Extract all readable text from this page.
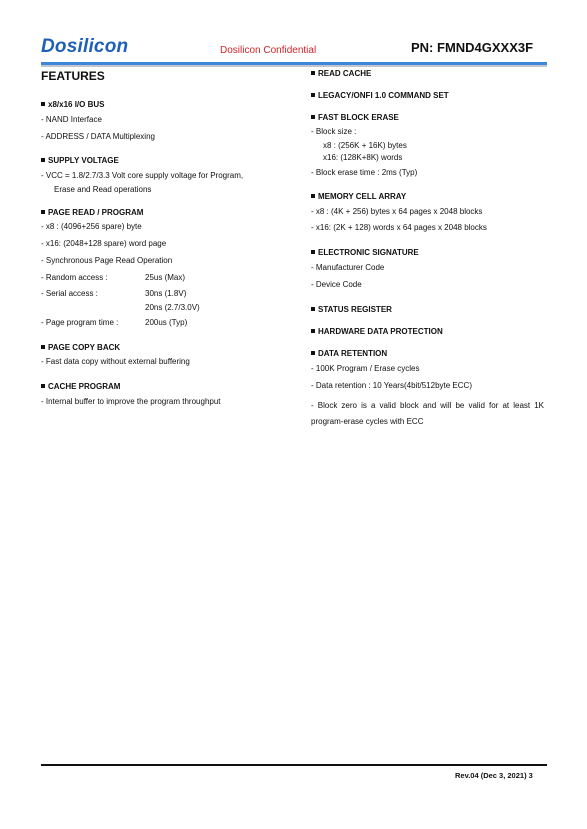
Dosilicon	Dosilicon Confidential	PN: FMND4GXXX3F
FEATURES
x8/x16 I/O BUS
- NAND Interface
- ADDRESS / DATA Multiplexing
SUPPLY VOLTAGE
- VCC = 1.8/2.7/3.3 Volt core supply voltage for Program,
Erase and Read operations
PAGE READ / PROGRAM
- x8 : (4096+256 spare) byte
- x16: (2048+128 spare) word page
- Synchronous Page Read Operation
- Random access :	25us (Max)
- Serial access :	30ns (1.8V)
20ns (2.7/3.0V)
- Page program time :	200us (Typ)
PAGE COPY BACK
- Fast data copy without external buffering
CACHE PROGRAM
- Internal buffer to improve the program throughput
READ CACHE
LEGACY/ONFI 1.0 COMMAND SET
FAST BLOCK ERASE
- Block size :
x8 : (256K + 16K) bytes
x16: (128K+8K) words
- Block erase time : 2ms (Typ)
MEMORY CELL ARRAY
- x8 : (4K + 256) bytes x 64 pages x 2048 blocks
- x16: (2K + 128) words x 64 pages x 2048 blocks
ELECTRONIC SIGNATURE
- Manufacturer Code
- Device Code
STATUS REGISTER
HARDWARE DATA PROTECTION
DATA RETENTION
- 100K Program / Erase cycles
- Data retention : 10 Years(4bit/512byte ECC)
- Block zero is a valid block and will be valid for at least 1K program-erase cycles with ECC
Rev.04 (Dec 3, 2021) 3
